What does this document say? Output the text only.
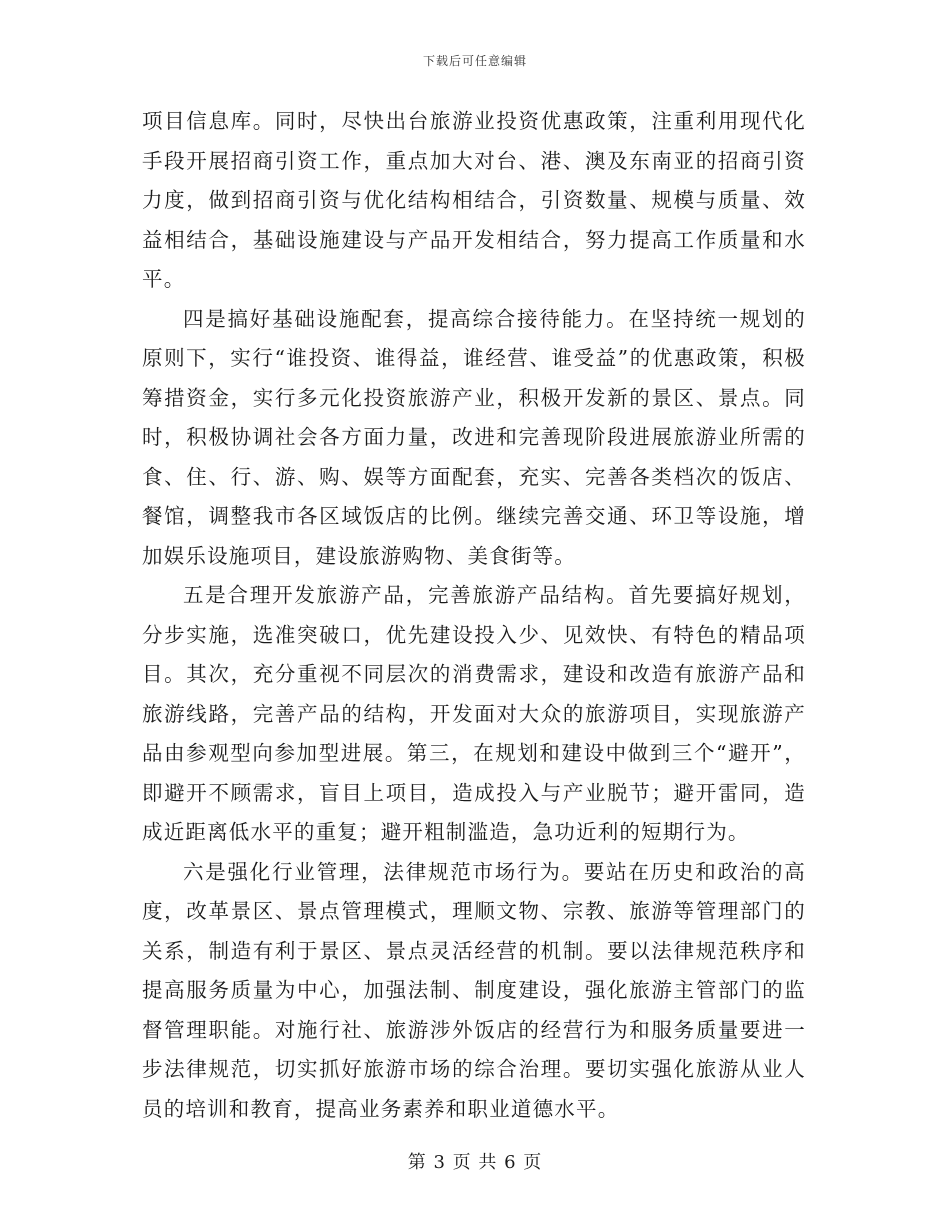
下载后可任意编辑

项目信息库。同时，尽快出台旅游业投资优惠政策，注重利用现代化手段开展招商引资工作，重点加大对台、港、澳及东南亚的招商引资力度，做到招商引资与优化结构相结合，引资数量、规模与质量、效益相结合，基础设施建设与产品开发相结合，努力提高工作质量和水平。

四是搞好基础设施配套，提高综合接待能力。在坚持统一规划的原则下，实行“谁投资、谁得益，谁经营、谁受益”的优惠政策，积极筹措资金，实行多元化投资旅游产业，积极开发新的景区、景点。同时，积极协调社会各方面力量，改进和完善现阶段进展旅游业所需的食、住、行、游、购、娱等方面配套，充实、完善各类档次的饭店、餐馆，调整我市各区域饭店的比例。继续完善交通、环卫等设施，增加娱乐设施项目，建设旅游购物、美食街等。

五是合理开发旅游产品，完善旅游产品结构。首先要搞好规划，分步实施，选准突破口，优先建设投入少、见效快、有特色的精品项目。其次，充分重视不同层次的消费需求，建设和改造有旅游产品和旅游线路，完善产品的结构，开发面对大众的旅游项目，实现旅游产品由参观型向参加型进展。第三，在规划和建设中做到三个“避开”，即避开不顾需求，盲目上项目，造成投入与产业脱节；避开雷同，造成近距离低水平的重复；避开粗制滥造，急功近利的短期行为。

六是强化行业管理，法律规范市场行为。要站在历史和政治的高度，改革景区、景点管理模式，理顺文物、宗教、旅游等管理部门的关系，制造有利于景区、景点灵活经营的机制。要以法律规范秩序和提高服务质量为中心，加强法制、制度建设，强化旅游主管部门的监督管理职能。对施行社、旅游涉外饭店的经营行为和服务质量要进一步法律规范，切实抓好旅游市场的综合治理。要切实强化旅游从业人员的培训和教育，提高业务素养和职业道德水平。

第 3 页 共 6 页
